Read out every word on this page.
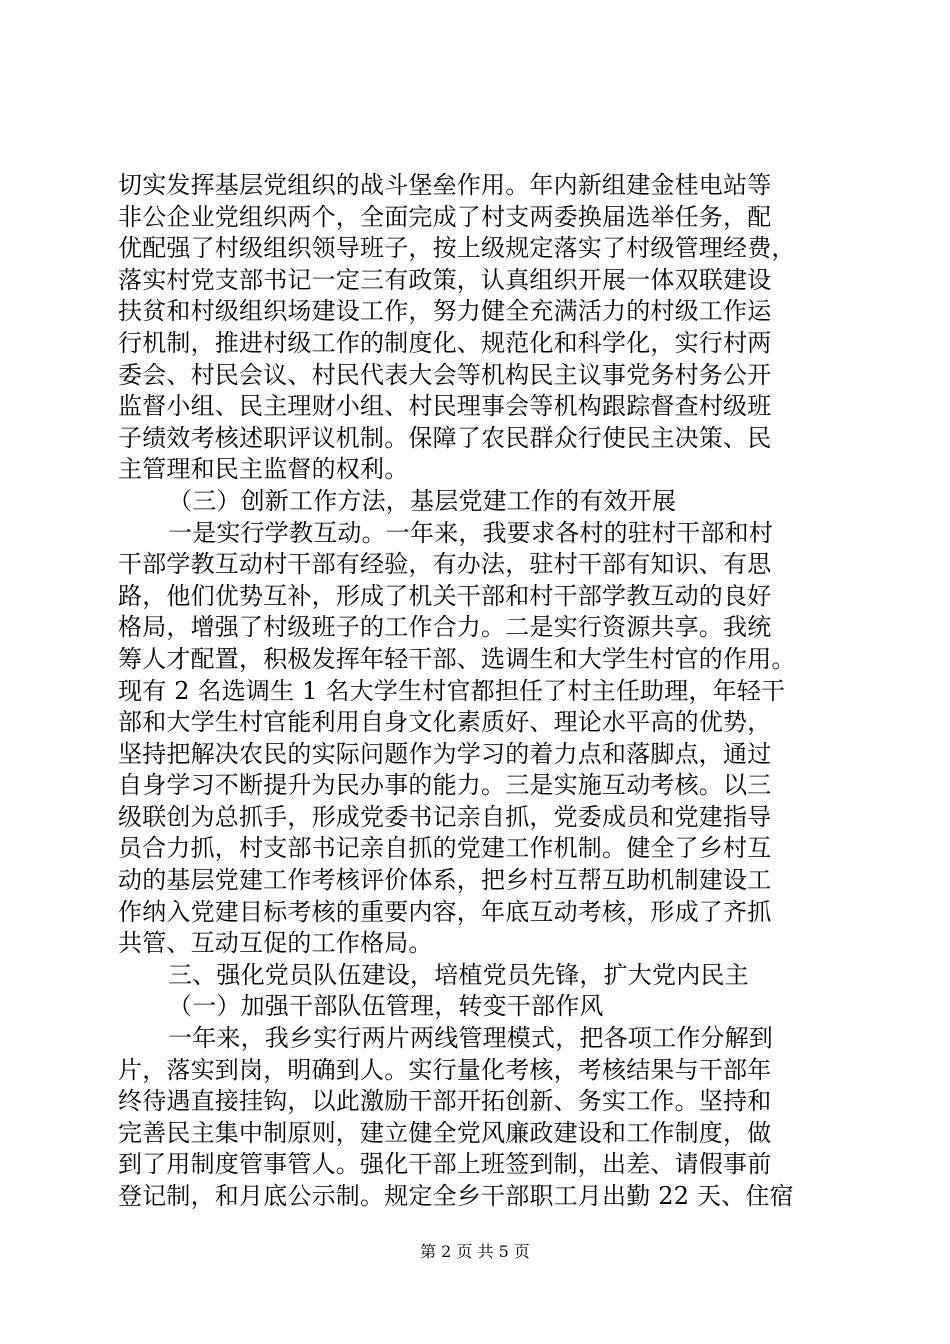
切实发挥基层党组织的战斗堡垒作用。年内新组建金桂电站等
非公企业党组织两个，全面完成了村支两委换届选举任务，配
优配强了村级组织领导班子，按上级规定落实了村级管理经费，
落实村党支部书记一定三有政策，认真组织开展一体双联建设
扶贫和村级组织场建设工作，努力健全充满活力的村级工作运
行机制，推进村级工作的制度化、规范化和科学化，实行村两
委会、村民会议、村民代表大会等机构民主议事党务村务公开
监督小组、民主理财小组、村民理事会等机构跟踪督查村级班
子绩效考核述职评议机制。保障了农民群众行使民主决策、民
主管理和民主监督的权利。
（三）创新工作方法，基层党建工作的有效开展
一是实行学教互动。一年来，我要求各村的驻村干部和村
干部学教互动村干部有经验，有办法，驻村干部有知识、有思
路，他们优势互补，形成了机关干部和村干部学教互动的良好
格局，增强了村级班子的工作合力。二是实行资源共享。我统
筹人才配置，积极发挥年轻干部、选调生和大学生村官的作用。
现有 2 名选调生 1 名大学生村官都担任了村主任助理，年轻干
部和大学生村官能利用自身文化素质好、理论水平高的优势，
坚持把解决农民的实际问题作为学习的着力点和落脚点，通过
自身学习不断提升为民办事的能力。三是实施互动考核。以三
级联创为总抓手，形成党委书记亲自抓，党委成员和党建指导
员合力抓，村支部书记亲自抓的党建工作机制。健全了乡村互
动的基层党建工作考核评价体系，把乡村互帮互助机制建设工
作纳入党建目标考核的重要内容，年底互动考核，形成了齐抓
共管、互动互促的工作格局。
三、强化党员队伍建设，培植党员先锋，扩大党内民主
（一）加强干部队伍管理，转变干部作风
一年来，我乡实行两片两线管理模式，把各项工作分解到
片，落实到岗，明确到人。实行量化考核，考核结果与干部年
终待遇直接挂钩，以此激励干部开拓创新、务实工作。坚持和
完善民主集中制原则，建立健全党风廉政建设和工作制度，做
到了用制度管事管人。强化干部上班签到制，出差、请假事前
登记制，和月底公示制。规定全乡干部职工月出勤 22 天、住宿
第 2 页 共 5 页
